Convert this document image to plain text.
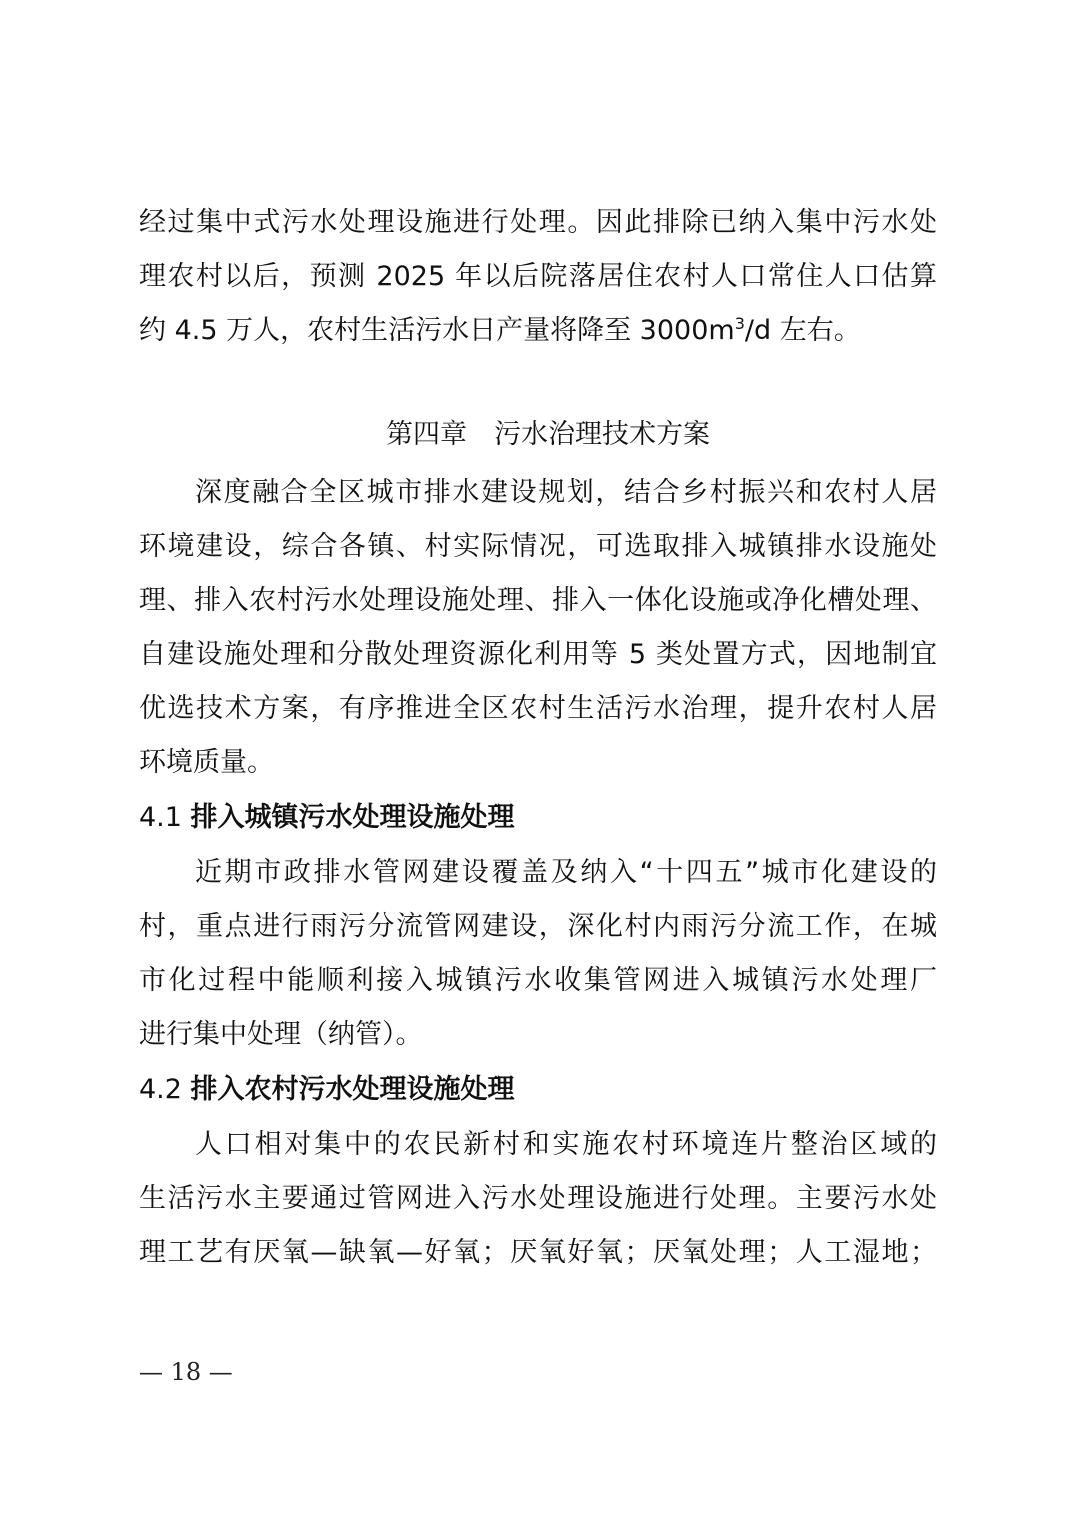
经过集中式污水处理设施进行处理。因此排除已纳入集中污水处
理农村以后，预测 2025 年以后院落居住农村人口常住人口估算
约 4.5 万人，农村生活污水日产量将降至 $3000m^3/d$ 左右。
第四章　污水治理技术方案
深度融合全区城市排水建设规划，结合乡村振兴和农村人居
环境建设，综合各镇、村实际情况，可选取排入城镇排水设施处
理、排入农村污水处理设施处理、排入一体化设施或净化槽处理、
自建设施处理和分散处理资源化利用等 5 类处置方式，因地制宜
优选技术方案，有序推进全区农村生活污水治理，提升农村人居
环境质量。
4.1 排入城镇污水处理设施处理
近期市政排水管网建设覆盖及纳入“十四五”城市化建设的
村，重点进行雨污分流管网建设，深化村内雨污分流工作，在城
市化过程中能顺利接入城镇污水收集管网进入城镇污水处理厂
进行集中处理（纳管）。
4.2 排入农村污水处理设施处理
人口相对集中的农民新村和实施农村环境连片整治区域的
生活污水主要通过管网进入污水处理设施进行处理。主要污水处
理工艺有厌氧—缺氧—好氧；厌氧好氧；厌氧处理；人工湿地；
— 18 —
